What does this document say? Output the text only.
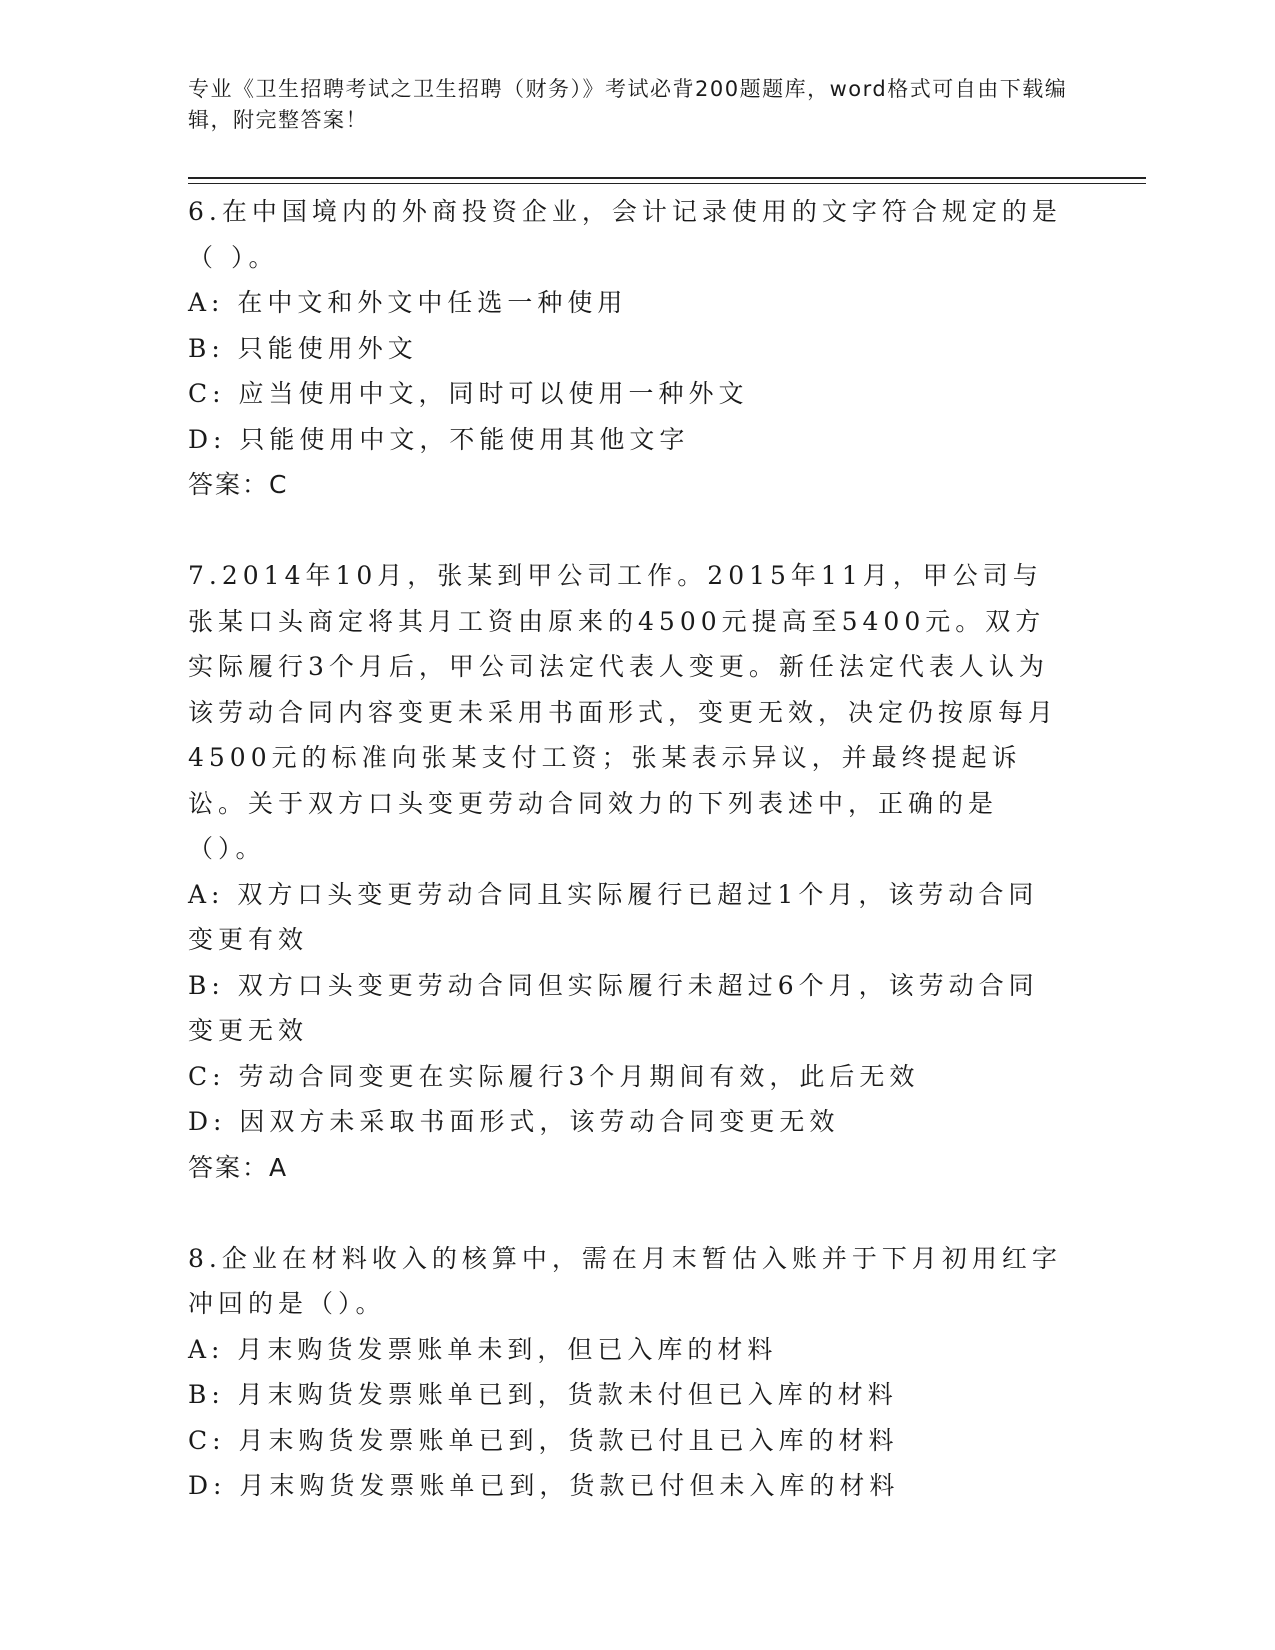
专业《卫生招聘考试之卫生招聘（财务）》考试必背200题题库，word格式可自由下载编辑，附完整答案！

6.在中国境内的外商投资企业，会计记录使用的文字符合规定的是（ ）。

A: 在中文和外文中任选一种使用

B: 只能使用外文

C: 应当使用中文，同时可以使用一种外文

D: 只能使用中文，不能使用其他文字

答案：C

7.2014年10月，张某到甲公司工作。2015年11月，甲公司与张某口头商定将其月工资由原来的4500元提高至5400元。双方实际履行3个月后，甲公司法定代表人变更。新任法定代表人认为该劳动合同内容变更未采用书面形式，变更无效，决定仍按原每月4500元的标准向张某支付工资；张某表示异议，并最终提起诉讼。关于双方口头变更劳动合同效力的下列表述中，正确的是（）。

A: 双方口头变更劳动合同且实际履行已超过1个月，该劳动合同变更有效

B: 双方口头变更劳动合同但实际履行未超过6个月，该劳动合同变更无效

C: 劳动合同变更在实际履行3个月期间有效，此后无效

D: 因双方未采取书面形式，该劳动合同变更无效

答案：A

8.企业在材料收入的核算中，需在月末暂估入账并于下月初用红字冲回的是（）。

A: 月末购货发票账单未到，但已入库的材料

B: 月末购货发票账单已到，货款未付但已入库的材料

C: 月末购货发票账单已到，货款已付且已入库的材料

D: 月末购货发票账单已到，货款已付但未入库的材料
